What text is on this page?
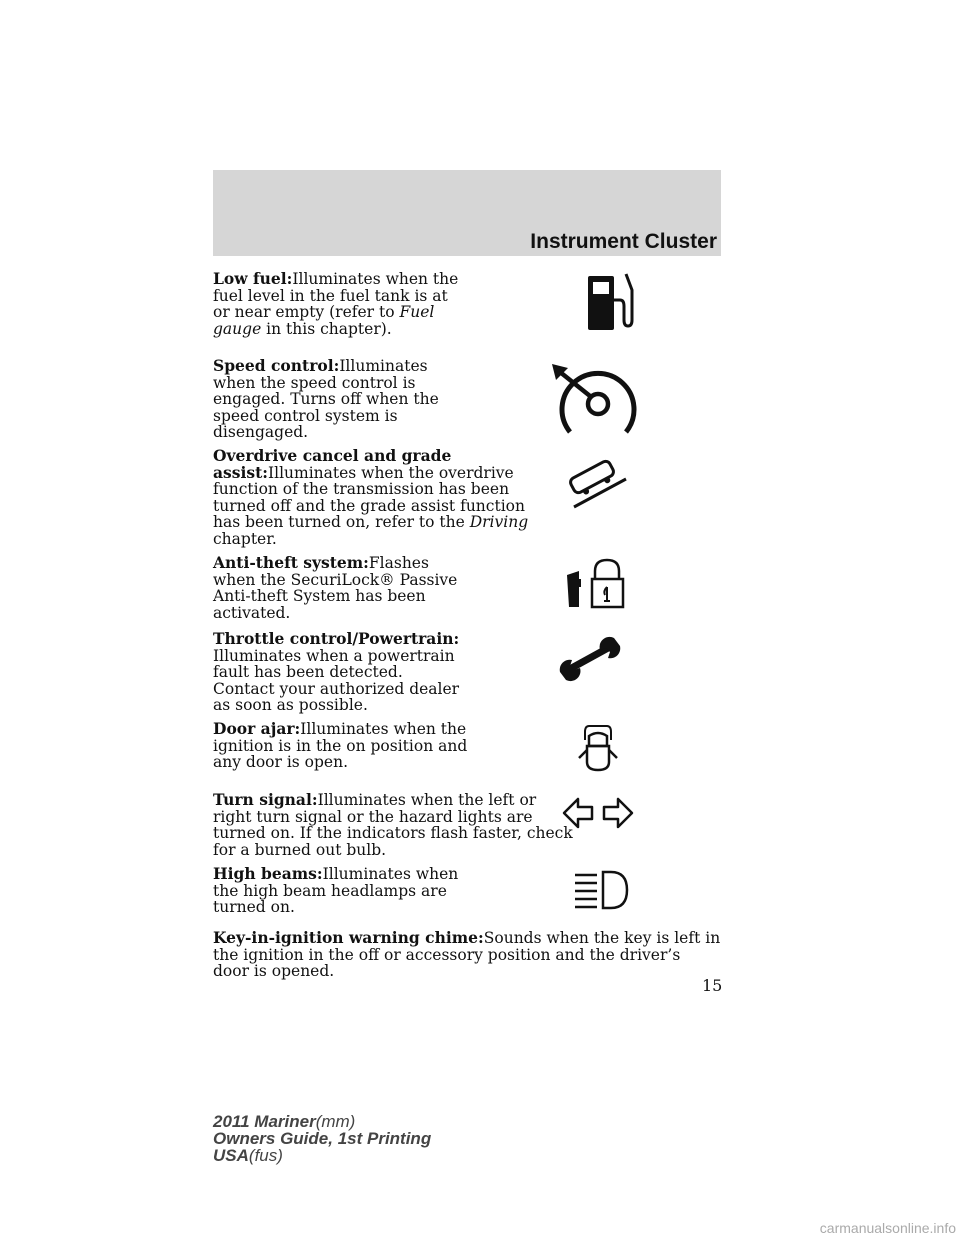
Instrument Cluster
Low fuel:Illuminates when the fuel level in the fuel tank is at or near empty (refer to Fuel gauge in this chapter).
Speed control:Illuminates when the speed control is engaged. Turns off when the speed control system is disengaged.
Overdrive cancel and grade assist:Illuminates when the overdrive function of the transmission has been turned off and the grade assist function has been turned on, refer to the Driving chapter.
Anti-theft system:Flashes when the SecuriLock® Passive Anti-theft System has been activated.
Throttle control/Powertrain:
Illuminates when a powertrain fault has been detected. Contact your authorized dealer as soon as possible.
Door ajar:Illuminates when the ignition is in the on position and any door is open.
Turn signal:Illuminates when the left or right turn signal or the hazard lights are turned on. If the indicators flash faster, check for a burned out bulb.
High beams:Illuminates when the high beam headlamps are turned on.
Key-in-ignition warning chime:Sounds when the key is left in the ignition in the off or accessory position and the driver’s door is opened.
15
2011 Mariner(mm)
Owners Guide, 1st Printing
USA(fus)
carmanualsonline.info
